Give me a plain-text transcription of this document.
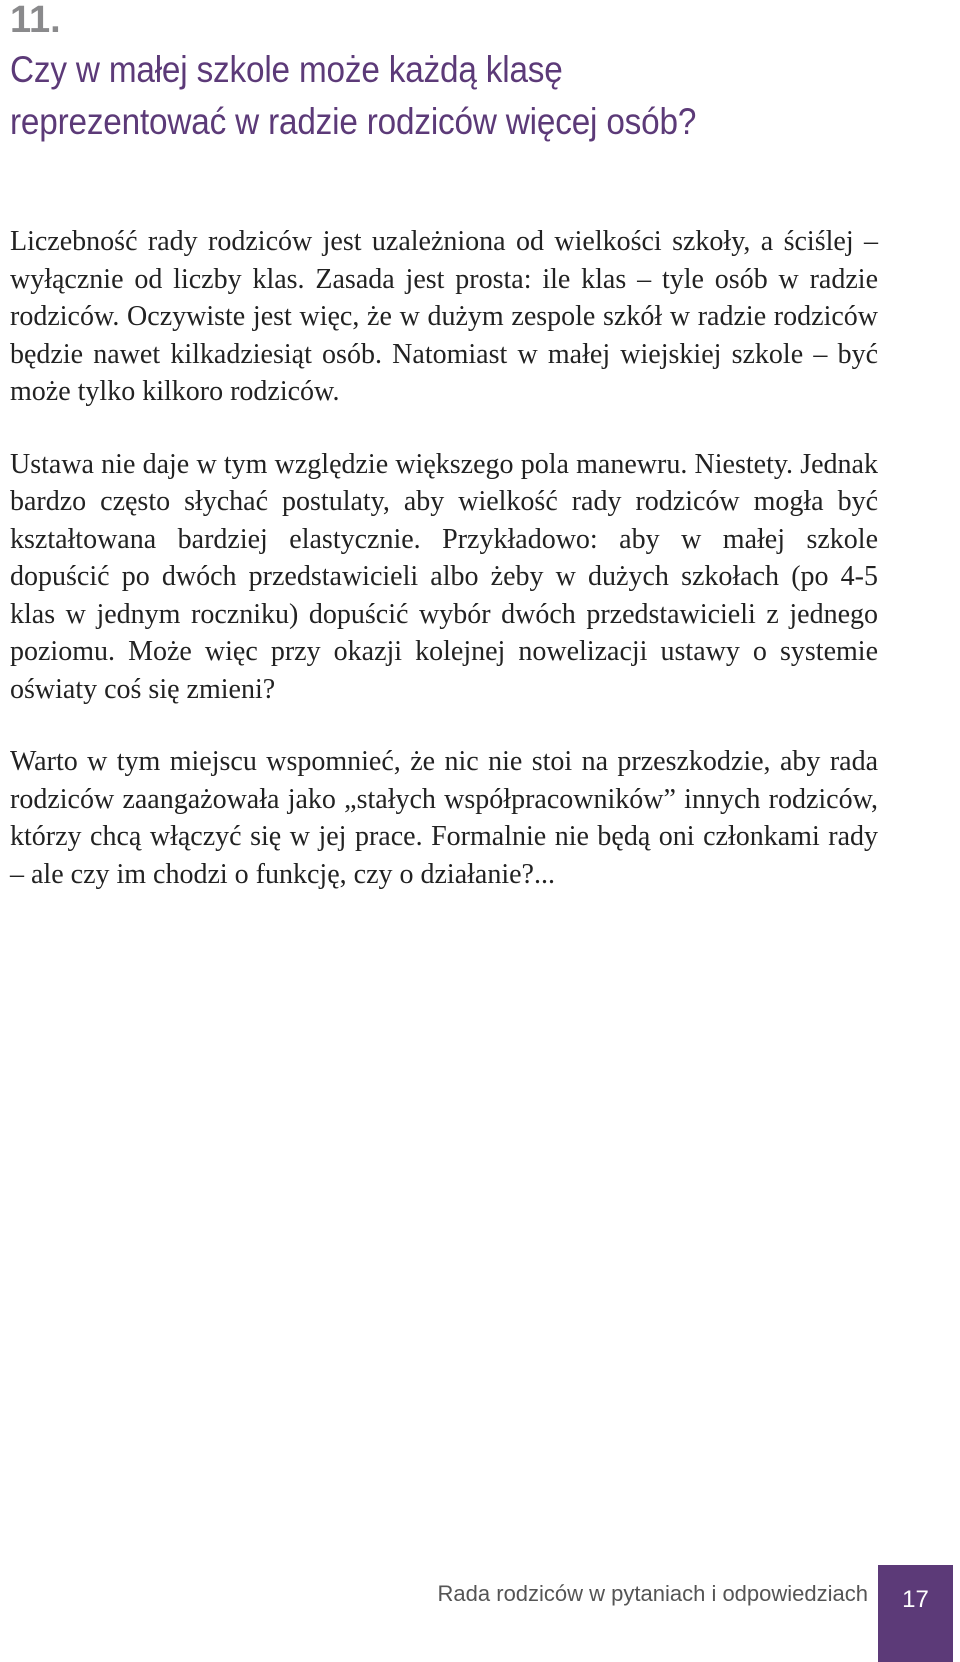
11.
Czy w małej szkole może każdą klasę reprezentować w radzie rodziców więcej osób?

Liczebność rady rodziców jest uzależniona od wielkości szkoły, a ściślej – wyłącznie od liczby klas. Zasada jest prosta: ile klas – tyle osób w radzie rodziców. Oczywiste jest więc, że w dużym zespole szkół w radzie rodziców będzie nawet kilkadziesiąt osób. Natomiast w małej wiejskiej szkole – być może tylko kilkoro rodziców.

Ustawa nie daje w tym względzie większego pola manewru. Niestety. Jednak bardzo często słychać postulaty, aby wielkość rady rodziców mogła być kształtowana bardziej elastycznie. Przykładowo: aby w małej szkole dopuścić po dwóch przedstawicieli albo żeby w dużych szkołach (po 4-5 klas w jednym roczniku) dopuścić wybór dwóch przedstawicieli z jednego poziomu. Może więc przy okazji kolejnej nowelizacji ustawy o systemie oświaty coś się zmieni?

Warto w tym miejscu wspomnieć, że nic nie stoi na przeszkodzie, aby rada rodziców zaangażowała jako „stałych współpracowników” innych rodziców, którzy chcą włączyć się w jej prace. Formalnie nie będą oni członkami rady – ale czy im chodzi o funkcję, czy o działanie?...

Rada rodziców w pytaniach i odpowiedziach	17
